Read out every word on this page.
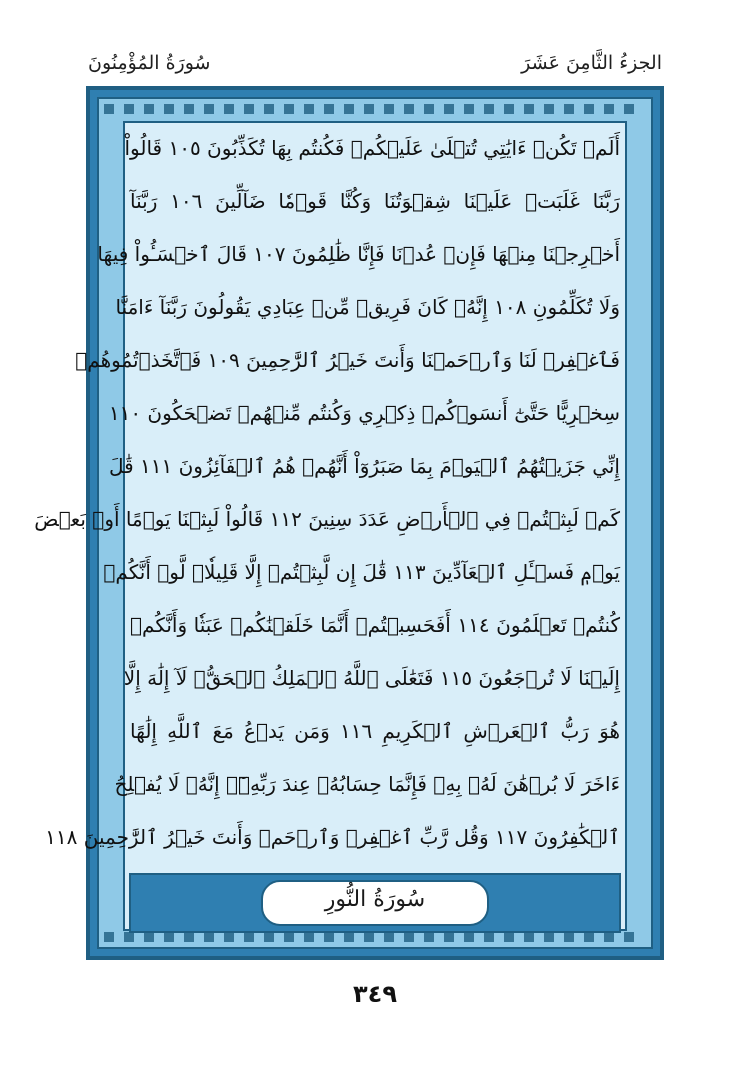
الجزءُ الثَّامِنَ عَشَرَ
سُورَةُ المُؤْمِنُونَ
أَلَمۡ تَكُنۡ ءَايَٰتِي تُتۡلَىٰ عَلَيۡكُمۡ فَكُنتُم بِهَا تُكَذِّبُونَ ١٠٥ قَالُواْ
رَبَّنَا غَلَبَتۡ عَلَيۡنَا شِقۡوَتُنَا وَكُنَّا قَوۡمٗا ضَآلِّينَ ١٠٦ رَبَّنَآ
أَخۡرِجۡنَا مِنۡهَا فَإِنۡ عُدۡنَا فَإِنَّا ظَٰلِمُونَ ١٠٧ قَالَ ٱخۡسَـُٔواْ فِيهَا
وَلَا تُكَلِّمُونِ ١٠٨ إِنَّهُۥ كَانَ فَرِيقٞ مِّنۡ عِبَادِي يَقُولُونَ رَبَّنَآ ءَامَنَّا
فَٱغۡفِرۡ لَنَا وَٱرۡحَمۡنَا وَأَنتَ خَيۡرُ ٱلرَّٰحِمِينَ ١٠٩ فَٱتَّخَذۡتُمُوهُمۡ
سِخۡرِيًّا حَتَّىٰٓ أَنسَوۡكُمۡ ذِكۡرِي وَكُنتُم مِّنۡهُمۡ تَضۡحَكُونَ ١١٠
إِنِّي جَزَيۡتُهُمُ ٱلۡيَوۡمَ بِمَا صَبَرُوٓاْ أَنَّهُمۡ هُمُ ٱلۡفَآئِزُونَ ١١١ قَٰلَ
كَمۡ لَبِثۡتُمۡ فِي ٱلۡأَرۡضِ عَدَدَ سِنِينَ ١١٢ قَالُواْ لَبِثۡنَا يَوۡمًا أَوۡ بَعۡضَ
يَوۡمٖ فَسۡـَٔلِ ٱلۡعَآدِّينَ ١١٣ قَٰلَ إِن لَّبِثۡتُمۡ إِلَّا قَلِيلٗاۖ لَّوۡ أَنَّكُمۡ
كُنتُمۡ تَعۡلَمُونَ ١١٤ أَفَحَسِبۡتُمۡ أَنَّمَا خَلَقۡنَٰكُمۡ عَبَثٗا وَأَنَّكُمۡ
إِلَيۡنَا لَا تُرۡجَعُونَ ١١٥ فَتَعَٰلَى ٱللَّهُ ٱلۡمَلِكُ ٱلۡحَقُّۖ لَآ إِلَٰهَ إِلَّا
هُوَ رَبُّ ٱلۡعَرۡشِ ٱلۡكَرِيمِ ١١٦ وَمَن يَدۡعُ مَعَ ٱللَّهِ إِلَٰهًا
ءَاخَرَ لَا بُرۡهَٰنَ لَهُۥ بِهِۦ فَإِنَّمَا حِسَابُهُۥ عِندَ رَبِّهِۦٓۚ إِنَّهُۥ لَا يُفۡلِحُ
ٱلۡكَٰفِرُونَ ١١٧ وَقُل رَّبِّ ٱغۡفِرۡ وَٱرۡحَمۡ وَأَنتَ خَيۡرُ ٱلرَّٰحِمِينَ ١١٨
سُورَةُ النُّورِ
٣٤٩
